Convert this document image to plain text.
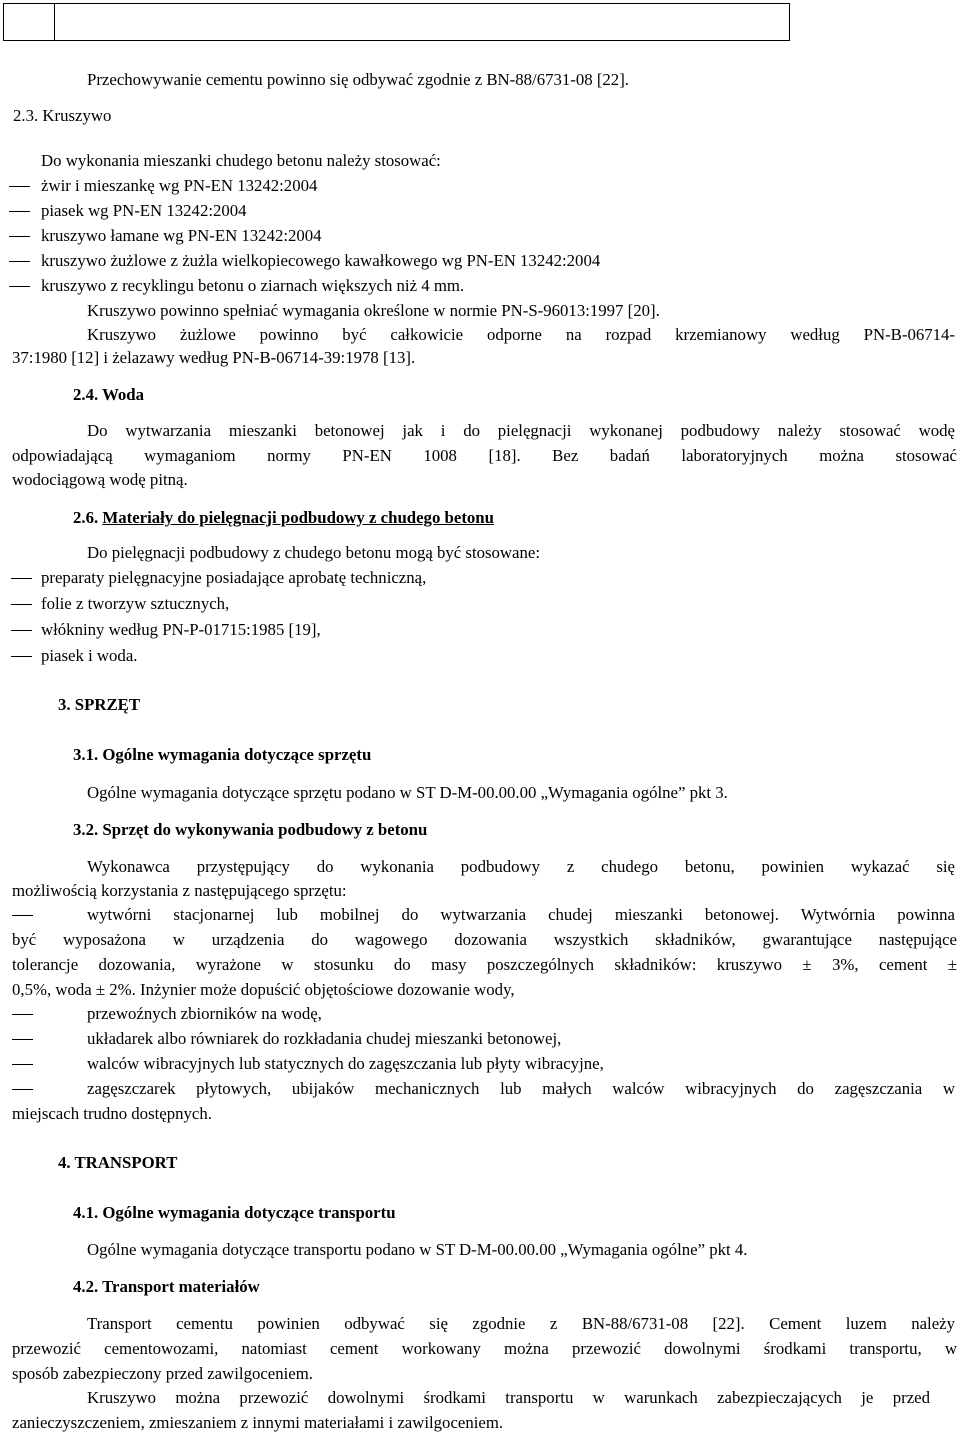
Przechowywanie cementu powinno się odbywać zgodnie z BN-88/6731-08 [22].
2.3. Kruszywo
Do wykonania mieszanki chudego betonu należy stosować:
żwir i mieszankę wg PN-EN 13242:2004
piasek wg PN-EN 13242:2004
kruszywo łamane wg PN-EN 13242:2004
kruszywo żużlowe z żużla wielkopiecowego kawałkowego wg PN-EN 13242:2004
kruszywo z recyklingu betonu o ziarnach większych niż 4 mm.
Kruszywo powinno spełniać wymagania określone w normie PN-S-96013:1997 [20].
Kruszywo żużlowe powinno być całkowicie odporne na rozpad krzemianowy według PN-B-06714-
37:1980 [12] i żelazawy według PN-B-06714-39:1978 [13].
2.4. Woda
Do wytwarzania mieszanki betonowej jak i do pielęgnacji wykonanej podbudowy należy stosować wodę
odpowiadającą wymaganiom normy PN-EN 1008 [18]. Bez badań laboratoryjnych można stosować
wodociągową wodę pitną.
2.6. Materiały do pielęgnacji podbudowy z chudego betonu
Do pielęgnacji podbudowy z chudego betonu mogą być stosowane:
preparaty pielęgnacyjne posiadające aprobatę techniczną,
folie z tworzyw sztucznych,
włókniny według PN-P-01715:1985 [19],
piasek i woda.
3. SPRZĘT
3.1. Ogólne wymagania dotyczące sprzętu
Ogólne wymagania dotyczące sprzętu podano w ST D-M-00.00.00 „Wymagania ogólne” pkt 3.
3.2. Sprzęt do wykonywania podbudowy z betonu
Wykonawca przystępujący do wykonania podbudowy z chudego betonu, powinien wykazać się
możliwością korzystania z następującego sprzętu:
wytwórni stacjonarnej lub mobilnej do wytwarzania chudej mieszanki betonowej. Wytwórnia powinna
być wyposażona w urządzenia do wagowego dozowania wszystkich składników, gwarantujące następujące
tolerancje dozowania, wyrażone w stosunku do masy poszczególnych składników: kruszywo ± 3%, cement ±
0,5%, woda ± 2%. Inżynier może dopuścić objętościowe dozowanie wody,
przewoźnych zbiorników na wodę,
układarek albo równiarek do rozkładania chudej mieszanki betonowej,
walców wibracyjnych lub statycznych do zagęszczania lub płyty wibracyjne,
zagęszczarek płytowych, ubijaków mechanicznych lub małych walców wibracyjnych do zagęszczania w
miejscach trudno dostępnych.
4. TRANSPORT
4.1. Ogólne wymagania dotyczące transportu
Ogólne wymagania dotyczące transportu podano w ST D-M-00.00.00 „Wymagania ogólne” pkt 4.
4.2. Transport materiałów
Transport cementu powinien odbywać się zgodnie z BN-88/6731-08 [22]. Cement luzem należy
przewozić cementowozami, natomiast cement workowany można przewozić dowolnymi środkami transportu, w
sposób zabezpieczony przed zawilgoceniem.
Kruszywo można przewozić dowolnymi środkami transportu w warunkach zabezpieczających je przed
zanieczyszczeniem, zmieszaniem z innymi materiałami i zawilgoceniem.
